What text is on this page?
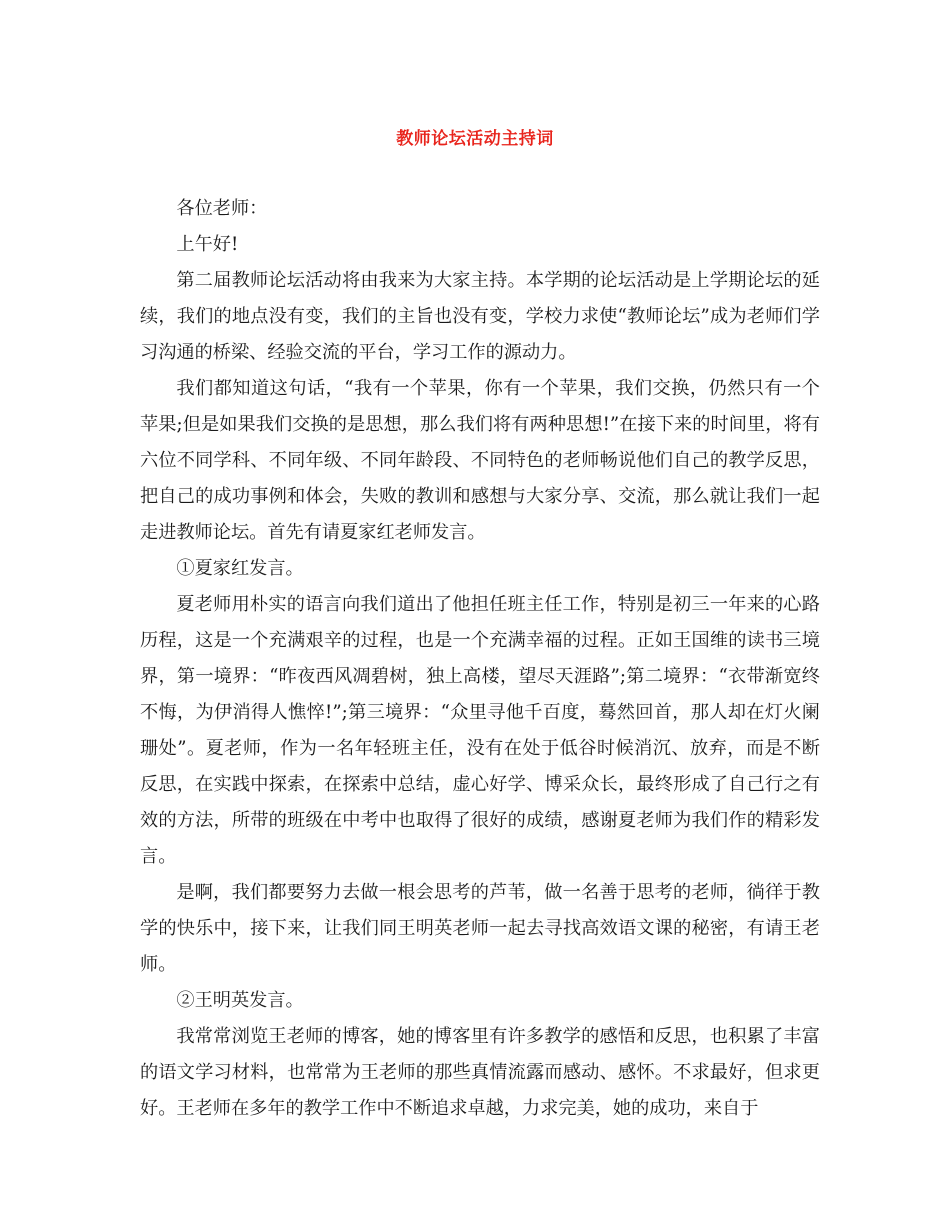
教师论坛活动主持词

各位老师：

上午好!

第二届教师论坛活动将由我来为大家主持。本学期的论坛活动是上学期论坛的延续，我们的地点没有变，我们的主旨也没有变，学校力求使“教师论坛”成为老师们学习沟通的桥梁、经验交流的平台，学习工作的源动力。

我们都知道这句话，“我有一个苹果，你有一个苹果，我们交换，仍然只有一个苹果;但是如果我们交换的是思想，那么我们将有两种思想!”在接下来的时间里，将有六位不同学科、不同年级、不同年龄段、不同特色的老师畅说他们自己的教学反思，把自己的成功事例和体会，失败的教训和感想与大家分享、交流，那么就让我们一起走进教师论坛。首先有请夏家红老师发言。

①夏家红发言。

夏老师用朴实的语言向我们道出了他担任班主任工作，特别是初三一年来的心路历程，这是一个充满艰辛的过程，也是一个充满幸福的过程。正如王国维的读书三境界，第一境界：“昨夜西风凋碧树，独上高楼，望尽天涯路”;第二境界：“衣带渐宽终不悔，为伊消得人憔悴!”;第三境界：“众里寻他千百度，蓦然回首，那人却在灯火阑珊处”。夏老师，作为一名年轻班主任，没有在处于低谷时候消沉、放弃，而是不断反思，在实践中探索，在探索中总结，虚心好学、博采众长，最终形成了自己行之有效的方法，所带的班级在中考中也取得了很好的成绩，感谢夏老师为我们作的精彩发言。

是啊，我们都要努力去做一根会思考的芦苇，做一名善于思考的老师，徜徉于教学的快乐中，接下来，让我们同王明英老师一起去寻找高效语文课的秘密，有请王老师。

②王明英发言。

我常常浏览王老师的博客，她的博客里有许多教学的感悟和反思，也积累了丰富的语文学习材料，也常常为王老师的那些真情流露而感动、感怀。不求最好，但求更好。王老师在多年的教学工作中不断追求卓越，力求完美，她的成功，来自于
